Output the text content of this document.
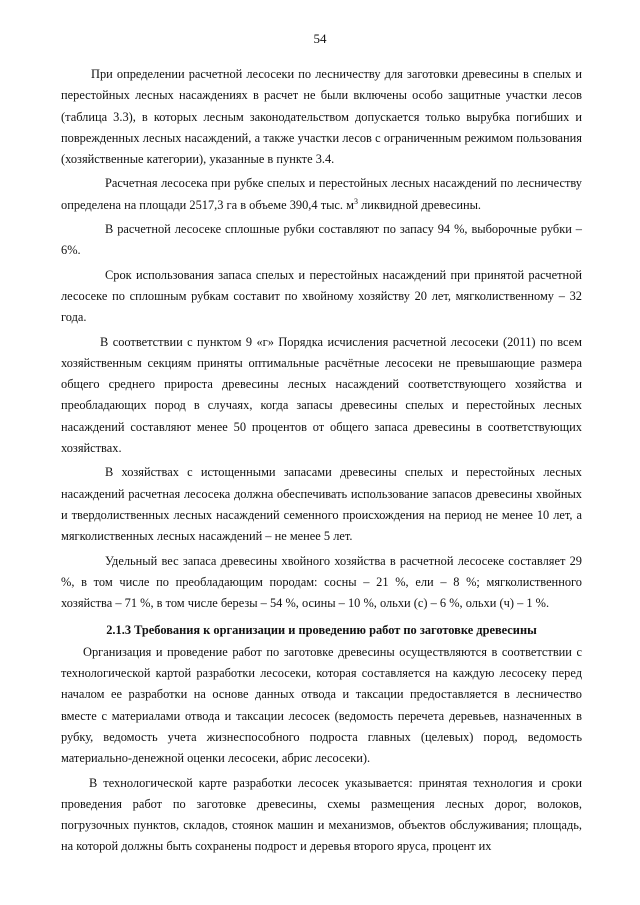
54

При определении расчетной лесосеки по лесничеству для заготовки древесины в спелых и перестойных лесных насаждениях в расчет не были включены особо защитные участки лесов (таблица 3.3), в которых лесным законодательством допускается только вырубка погибших и поврежденных лесных насаждений, а также участки лесов с ограниченным режимом пользования (хозяйственные категории), указанные в пункте 3.4.

Расчетная лесосека при рубке спелых и перестойных лесных насаждений по лесничеству определена на площади 2517,3 га в объеме 390,4 тыс. $м^3$ ликвидной древесины.

В расчетной лесосеке сплошные рубки составляют по запасу 94 %, выборочные рубки – 6%.

Срок использования запаса спелых и перестойных насаждений при принятой расчетной лесосеке по сплошным рубкам составит по хвойному хозяйству 20 лет, мягколиственному – 32 года.

В соответствии с пунктом 9 «г» Порядка исчисления расчетной лесосеки (2011) по всем хозяйственным секциям приняты оптимальные расчётные лесосеки не превышающие размера общего среднего прироста древесины лесных насаждений соответствующего хозяйства и преобладающих пород в случаях, когда запасы древесины спелых и перестойных лесных насаждений составляют менее 50 процентов от общего запаса древесины в соответствующих хозяйствах.

В хозяйствах с истощенными запасами древесины спелых и перестойных лесных насаждений расчетная лесосека должна обеспечивать использование запасов древесины хвойных и твердолиственных лесных насаждений семенного происхождения на период не менее 10 лет, а мягколиственных лесных насаждений – не менее 5 лет.

Удельный вес запаса древесины хвойного хозяйства в расчетной лесосеке составляет 29 %, в том числе по преобладающим породам: сосны – 21 %, ели – 8 %; мягколиственного хозяйства – 71 %, в том числе березы – 54 %, осины – 10 %, ольхи (с) – 6 %, ольхи (ч) – 1 %.

2.1.3 Требования к организации и проведению работ по заготовке древесины

Организация и проведение работ по заготовке древесины осуществляются в соответствии с технологической картой разработки лесосеки, которая составляется на каждую лесосеку перед началом ее разработки на основе данных отвода и таксации предоставляется в лесничество вместе с материалами отвода и таксации лесосек (ведомость перечета деревьев, назначенных в рубку, ведомость учета жизнеспособного подроста главных (целевых) пород, ведомость материально-денежной оценки лесосеки, абрис лесосеки).

В технологической карте разработки лесосек указывается: принятая технология и сроки проведения работ по заготовке древесины, схемы размещения лесных дорог, волоков, погрузочных пунктов, складов, стоянок машин и механизмов, объектов обслуживания; площадь, на которой должны быть сохранены подрост и деревья второго яруса, процент их
